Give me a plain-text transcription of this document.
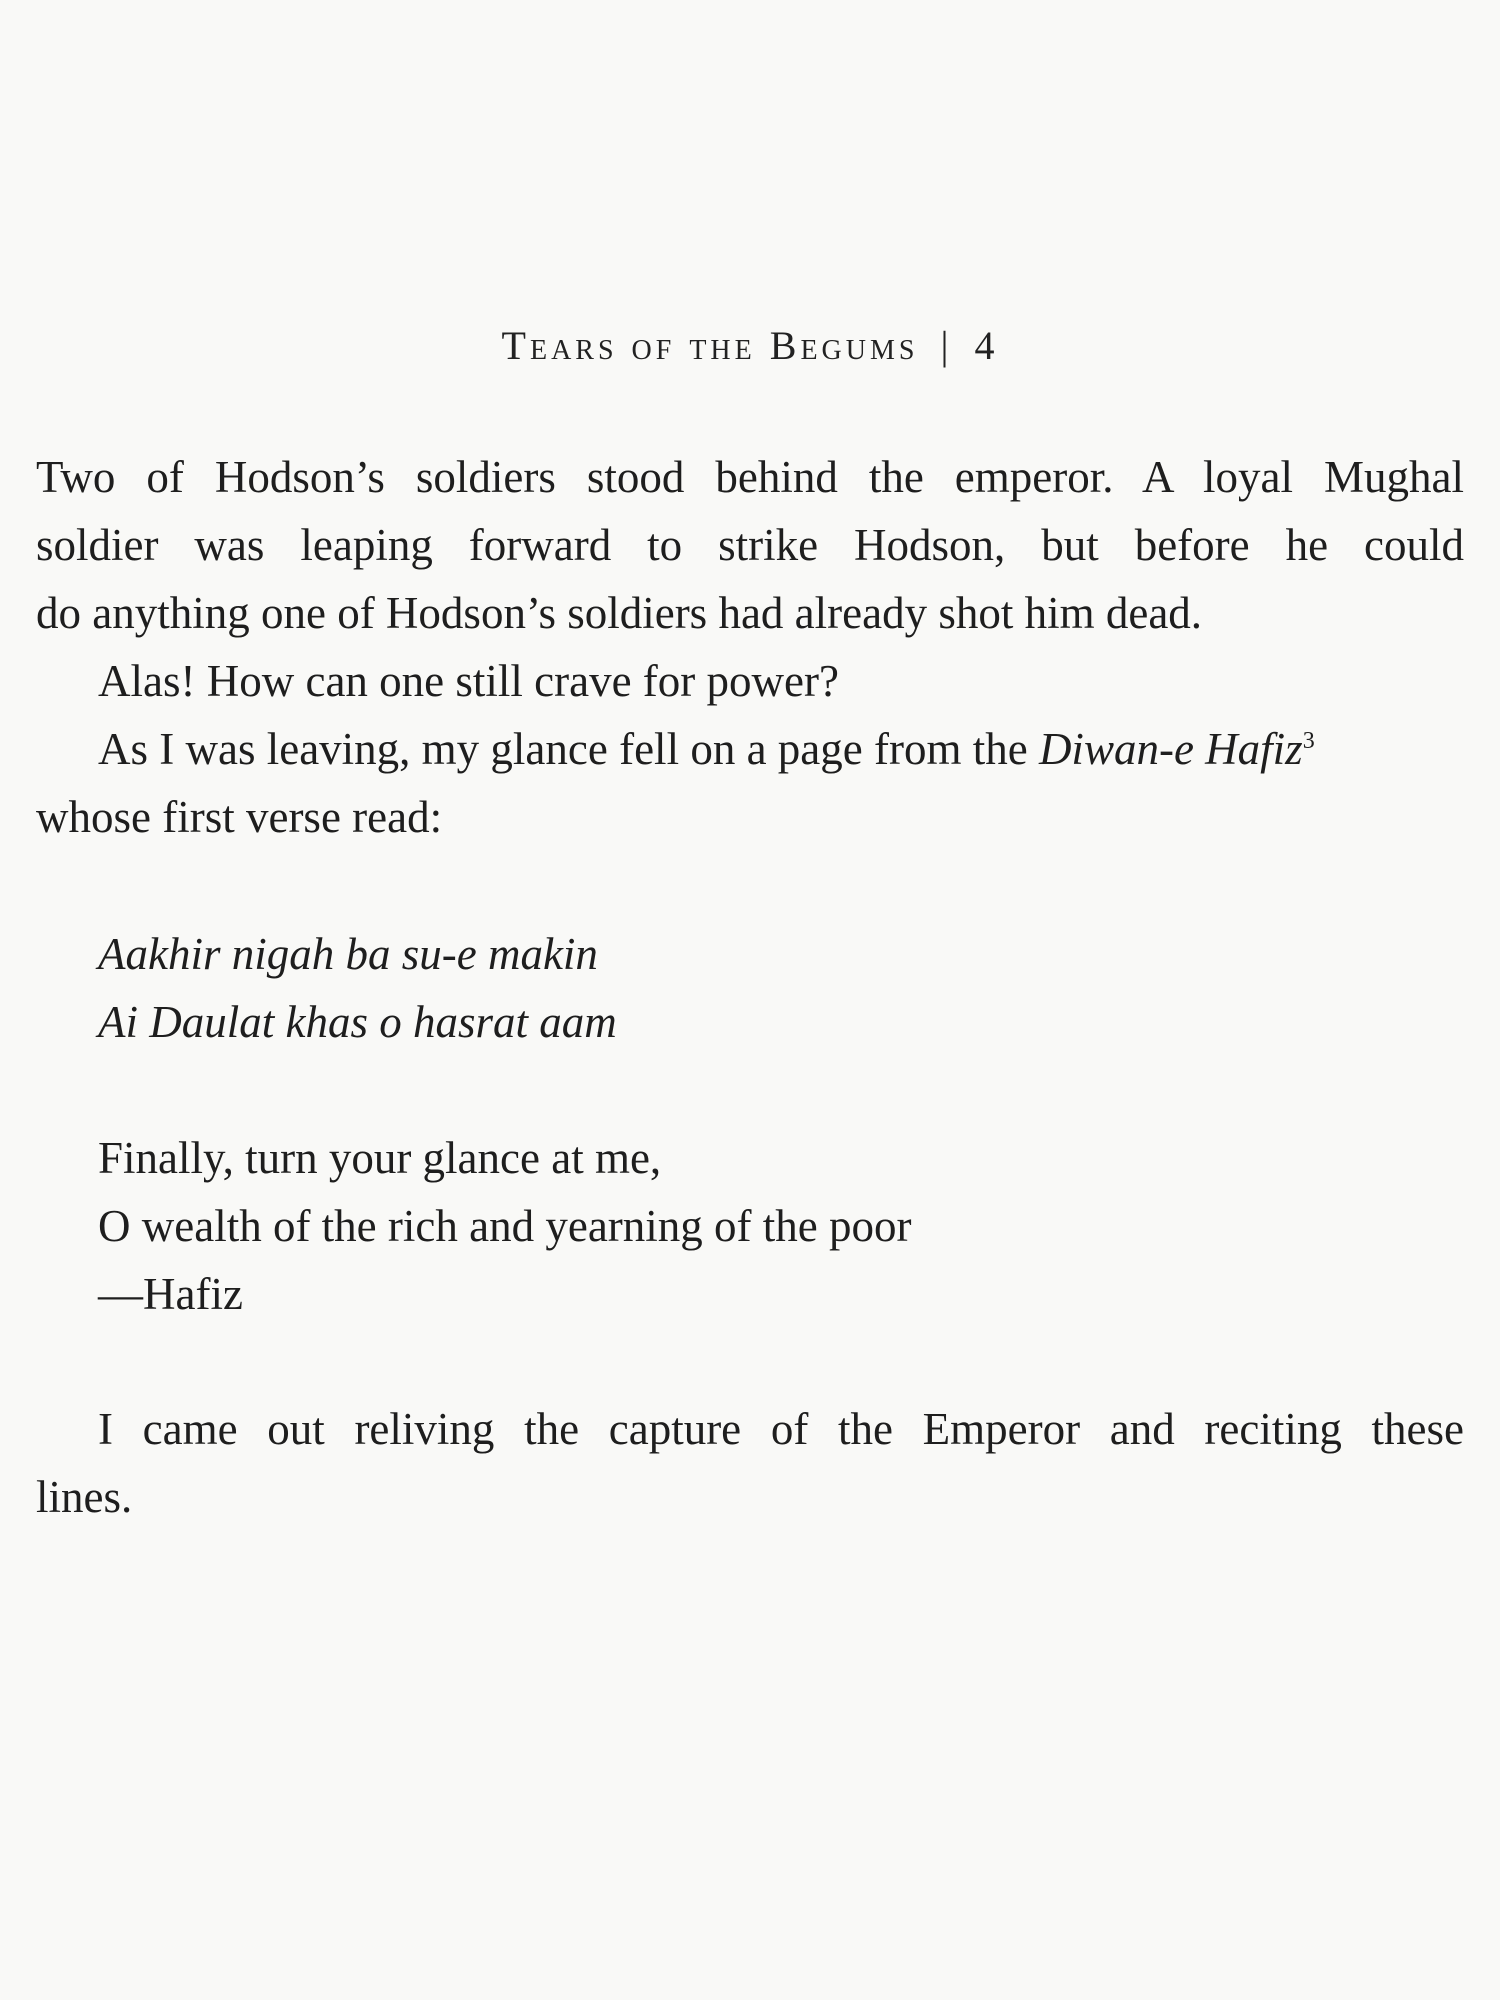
Tears of the Begums | 4
Two of Hodson’s soldiers stood behind the emperor. A loyal Mughal
soldier was leaping forward to strike Hodson, but before he could
do anything one of Hodson’s soldiers had already shot him dead.
Alas! How can one still crave for power?
As I was leaving, my glance fell on a page from the Diwan-e Hafiz$^3$
whose first verse read:
Aakhir nigah ba su-e makin
Ai Daulat khas o hasrat aam
Finally, turn your glance at me,
O wealth of the rich and yearning of the poor
—Hafiz
I came out reliving the capture of the Emperor and reciting these
lines.
